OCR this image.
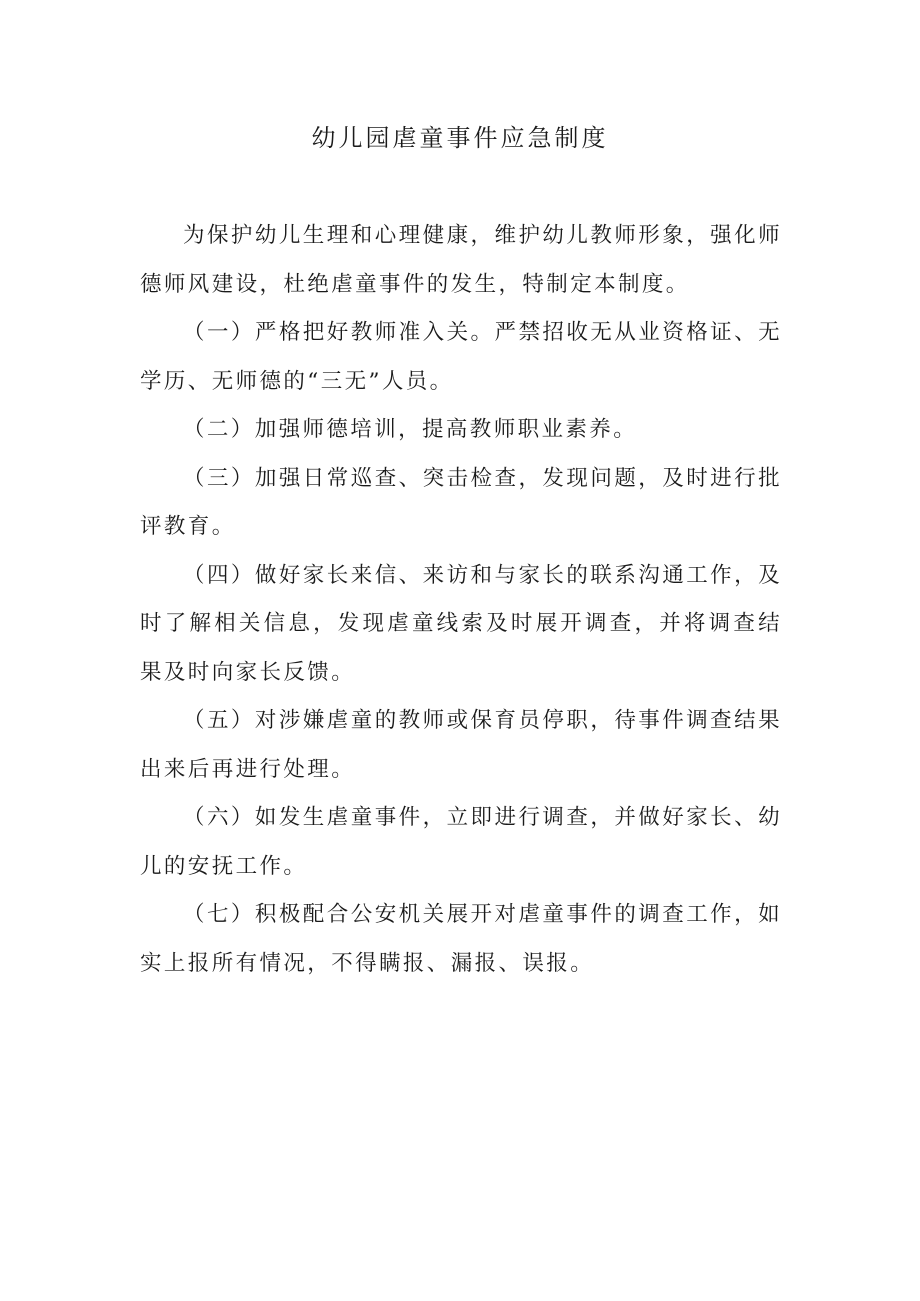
幼儿园虐童事件应急制度

为保护幼儿生理和心理健康，维护幼儿教师形象，强化师德师风建设，杜绝虐童事件的发生，特制定本制度。

（一）严格把好教师准入关。严禁招收无从业资格证、无学历、无师德的“三无”人员。

（二）加强师德培训，提高教师职业素养。

（三）加强日常巡查、突击检查，发现问题，及时进行批评教育。

（四）做好家长来信、来访和与家长的联系沟通工作，及时了解相关信息，发现虐童线索及时展开调查，并将调查结果及时向家长反馈。

（五）对涉嫌虐童的教师或保育员停职，待事件调查结果出来后再进行处理。

（六）如发生虐童事件，立即进行调查，并做好家长、幼儿的安抚工作。

（七）积极配合公安机关展开对虐童事件的调查工作，如实上报所有情况，不得瞒报、漏报、误报。
